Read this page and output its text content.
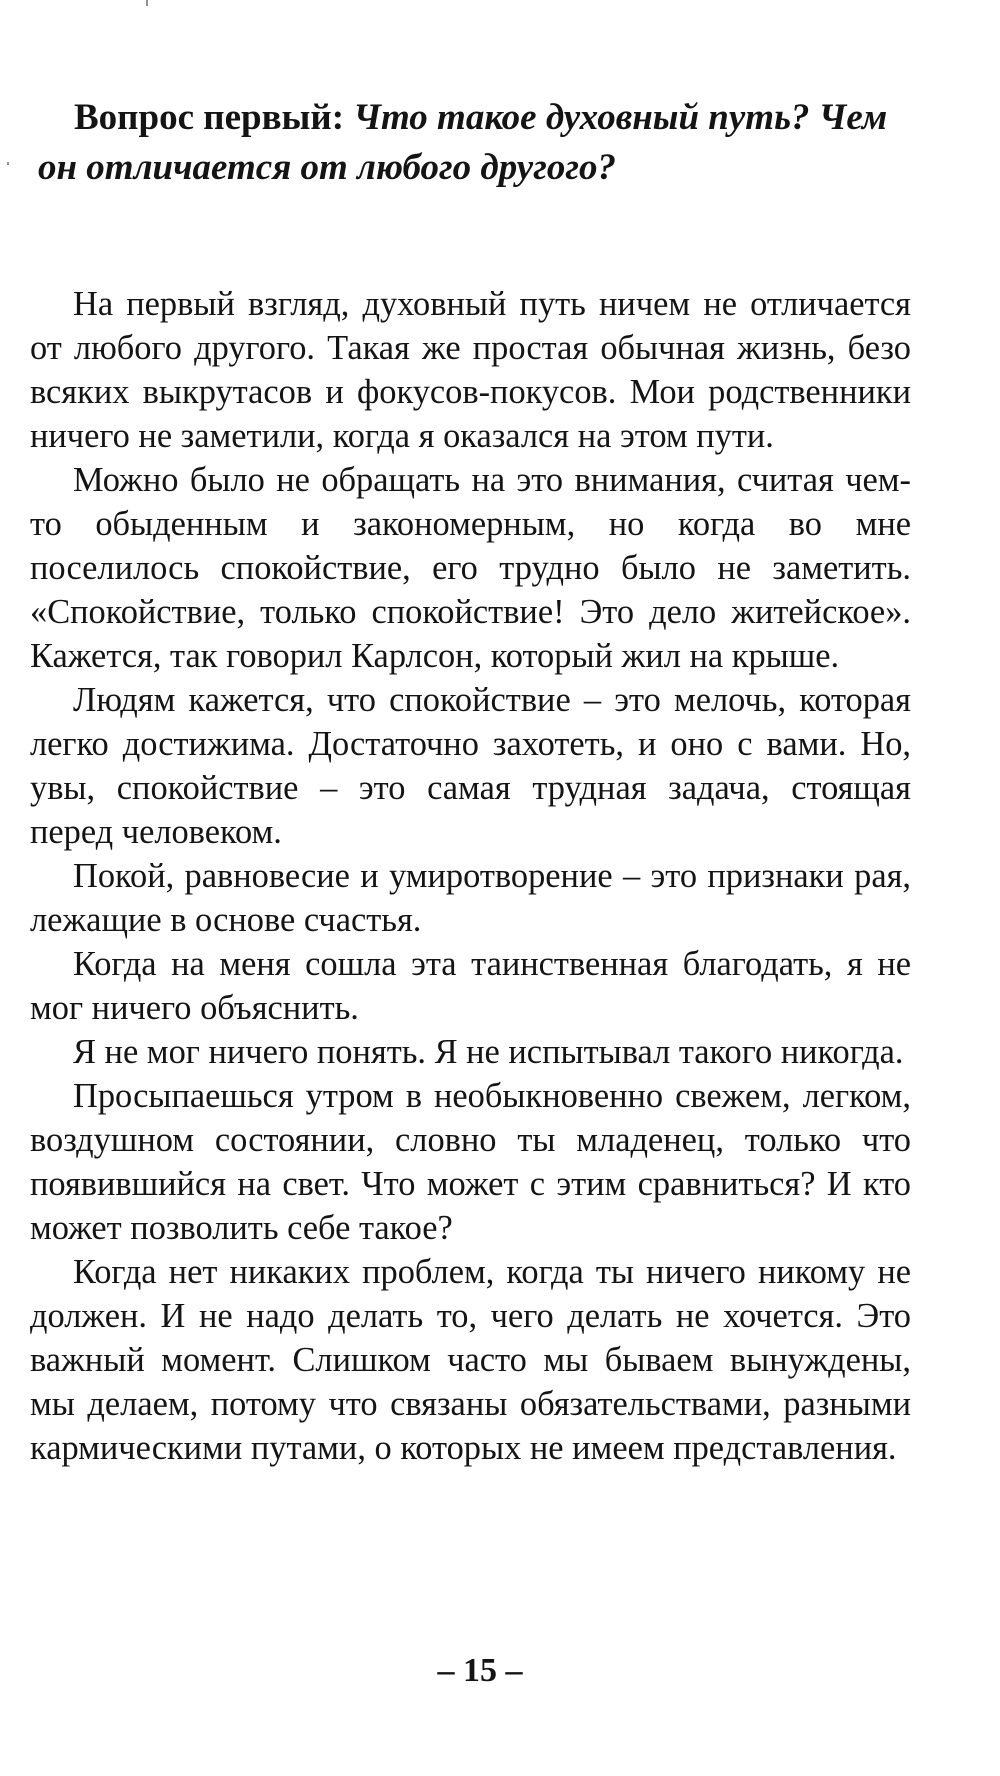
Вопрос первый: Что такое духовный путь? Чем он отличается от любого другого?

На первый взгляд, духовный путь ничем не отличается от любого другого. Такая же простая обычная жизнь, безо всяких выкрутасов и фокусов-покусов. Мои родственники ничего не заметили, когда я оказался на этом пути.

Можно было не обращать на это внимания, считая чем-то обыденным и закономерным, но когда во мне поселилось спокойствие, его трудно было не заметить. «Спокойствие, только спокойствие! Это дело житейское». Кажется, так говорил Карлсон, который жил на крыше.

Людям кажется, что спокойствие – это мелочь, которая легко достижима. Достаточно захотеть, и оно с вами. Но, увы, спокойствие – это самая трудная задача, стоящая перед человеком.

Покой, равновесие и умиротворение – это признаки рая, лежащие в основе счастья.

Когда на меня сошла эта таинственная благодать, я не мог ничего объяснить.

Я не мог ничего понять. Я не испытывал такого никогда.

Просыпаешься утром в необыкновенно свежем, легком, воздушном состоянии, словно ты младенец, только что появившийся на свет. Что может с этим сравниться? И кто может позволить себе такое?

Когда нет никаких проблем, когда ты ничего никому не должен. И не надо делать то, чего делать не хочется. Это важный момент. Слишком часто мы бываем вынуждены, мы делаем, потому что связаны обязательствами, разными кармическими путами, о которых не имеем представления.

– 15 –
